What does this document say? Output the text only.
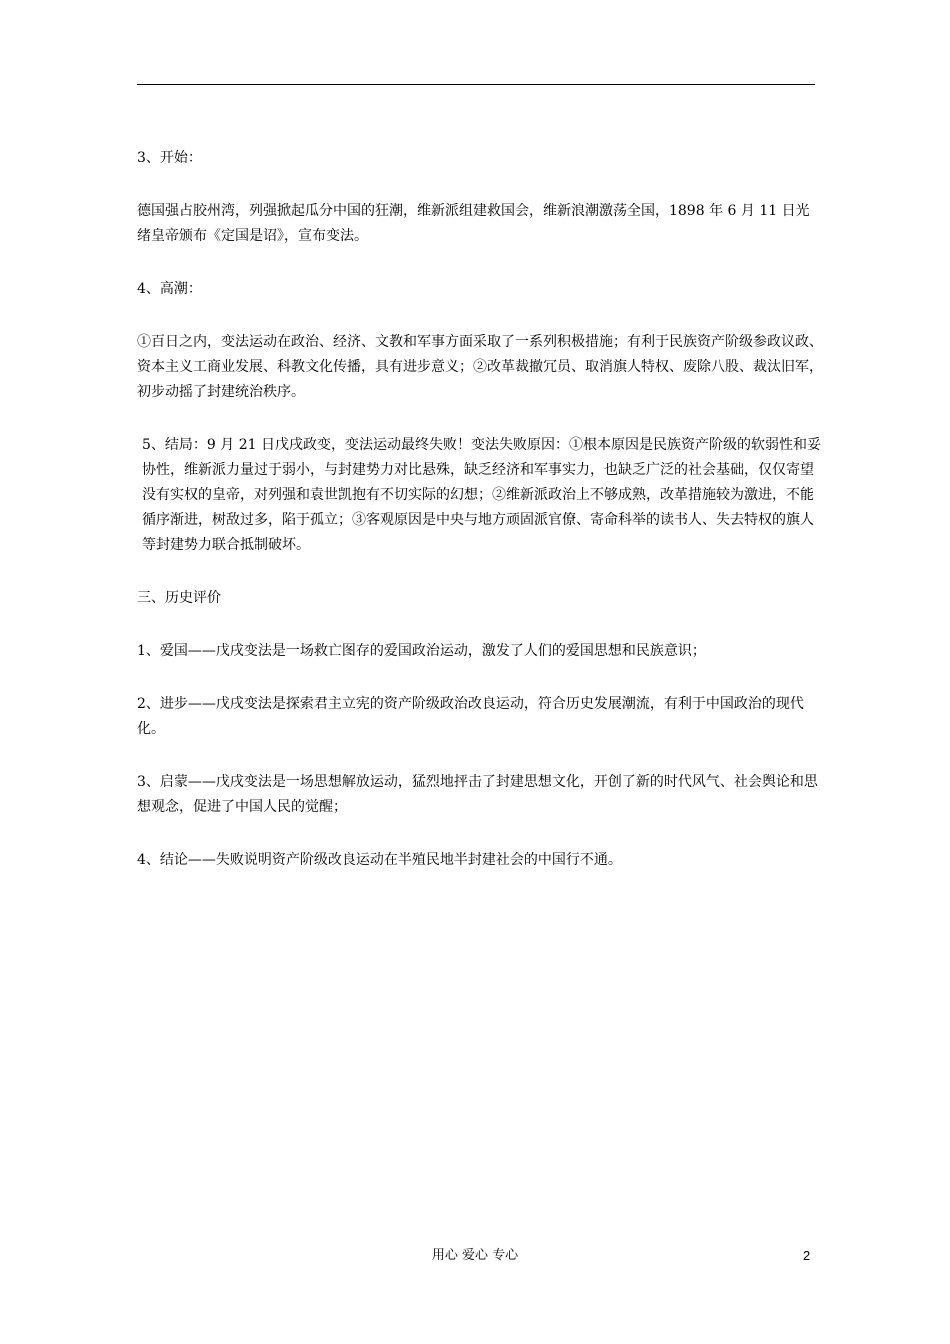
3、开始：

德国强占胶州湾，列强掀起瓜分中国的狂潮，维新派组建救国会，维新浪潮激荡全国，1898 年 6 月 11 日光绪皇帝颁布《定国是诏》，宣布变法。

4、高潮：

①百日之内，变法运动在政治、经济、文教和军事方面采取了一系列积极措施；有利于民族资产阶级参政议政、资本主义工商业发展、科教文化传播，具有进步意义；②改革裁撤冗员、取消旗人特权、废除八股、裁汰旧军，初步动摇了封建统治秩序。

5、结局：9 月 21 日戊戌政变，变法运动最终失败！变法失败原因：①根本原因是民族资产阶级的软弱性和妥协性，维新派力量过于弱小，与封建势力对比悬殊，缺乏经济和军事实力，也缺乏广泛的社会基础，仅仅寄望没有实权的皇帝，对列强和袁世凯抱有不切实际的幻想；②维新派政治上不够成熟，改革措施较为激进，不能循序渐进，树敌过多，陷于孤立；③客观原因是中央与地方顽固派官僚、寄命科举的读书人、失去特权的旗人等封建势力联合抵制破坏。

三、历史评价

1、爱国——戊戌变法是一场救亡图存的爱国政治运动，激发了人们的爱国思想和民族意识；

2、进步——戊戌变法是探索君主立宪的资产阶级政治改良运动，符合历史发展潮流，有利于中国政治的现代化。

3、启蒙——戊戌变法是一场思想解放运动，猛烈地抨击了封建思想文化，开创了新的时代风气、社会舆论和思想观念，促进了中国人民的觉醒；

4、结论——失败说明资产阶级改良运动在半殖民地半封建社会的中国行不通。

用心 爱心 专心	2
